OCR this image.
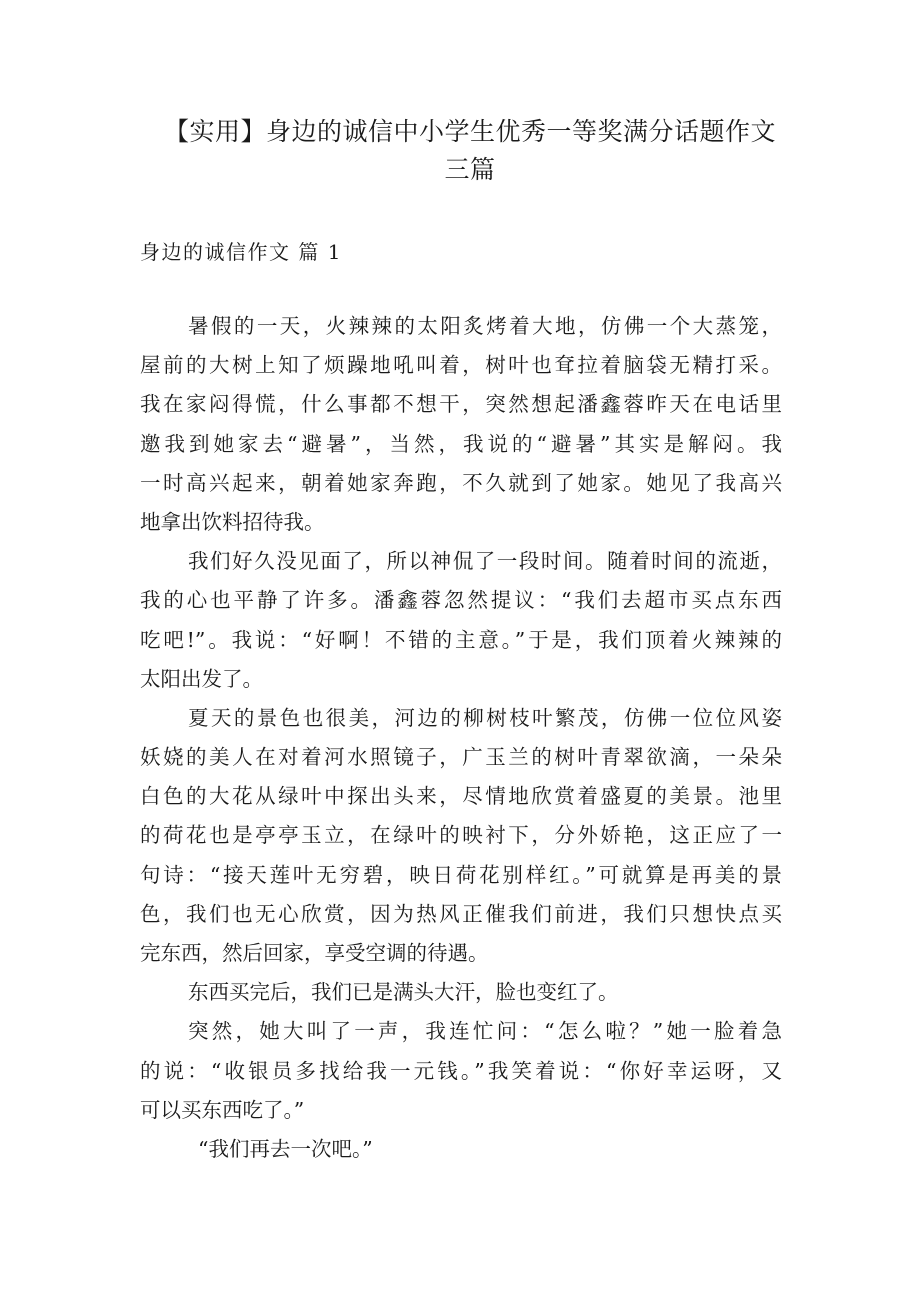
【实用】身边的诚信中小学生优秀一等奖满分话题作文
三篇
身边的诚信作文 篇 1
暑假的一天，火辣辣的太阳炙烤着大地，仿佛一个大蒸笼，
屋前的大树上知了烦躁地吼叫着，树叶也耷拉着脑袋无精打采。
我在家闷得慌，什么事都不想干，突然想起潘鑫蓉昨天在电话里
邀我到她家去“避暑”，当然，我说的“避暑”其实是解闷。我
一时高兴起来，朝着她家奔跑，不久就到了她家。她见了我高兴
地拿出饮料招待我。
我们好久没见面了，所以神侃了一段时间。随着时间的流逝，
我的心也平静了许多。潘鑫蓉忽然提议：“我们去超市买点东西
吃吧!”。我说：“好啊！不错的主意。”于是，我们顶着火辣辣的
太阳出发了。
夏天的景色也很美，河边的柳树枝叶繁茂，仿佛一位位风姿
妖娆的美人在对着河水照镜子，广玉兰的树叶青翠欲滴，一朵朵
白色的大花从绿叶中探出头来，尽情地欣赏着盛夏的美景。池里
的荷花也是亭亭玉立，在绿叶的映衬下，分外娇艳，这正应了一
句诗：“接天莲叶无穷碧，映日荷花别样红。”可就算是再美的景
色，我们也无心欣赏，因为热风正催我们前进，我们只想快点买
完东西，然后回家，享受空调的待遇。
东西买完后，我们已是满头大汗，脸也变红了。
突然，她大叫了一声，我连忙问：“怎么啦？”她一脸着急
的说：“收银员多找给我一元钱。”我笑着说：“你好幸运呀，又
可以买东西吃了。”
“我们再去一次吧。”
